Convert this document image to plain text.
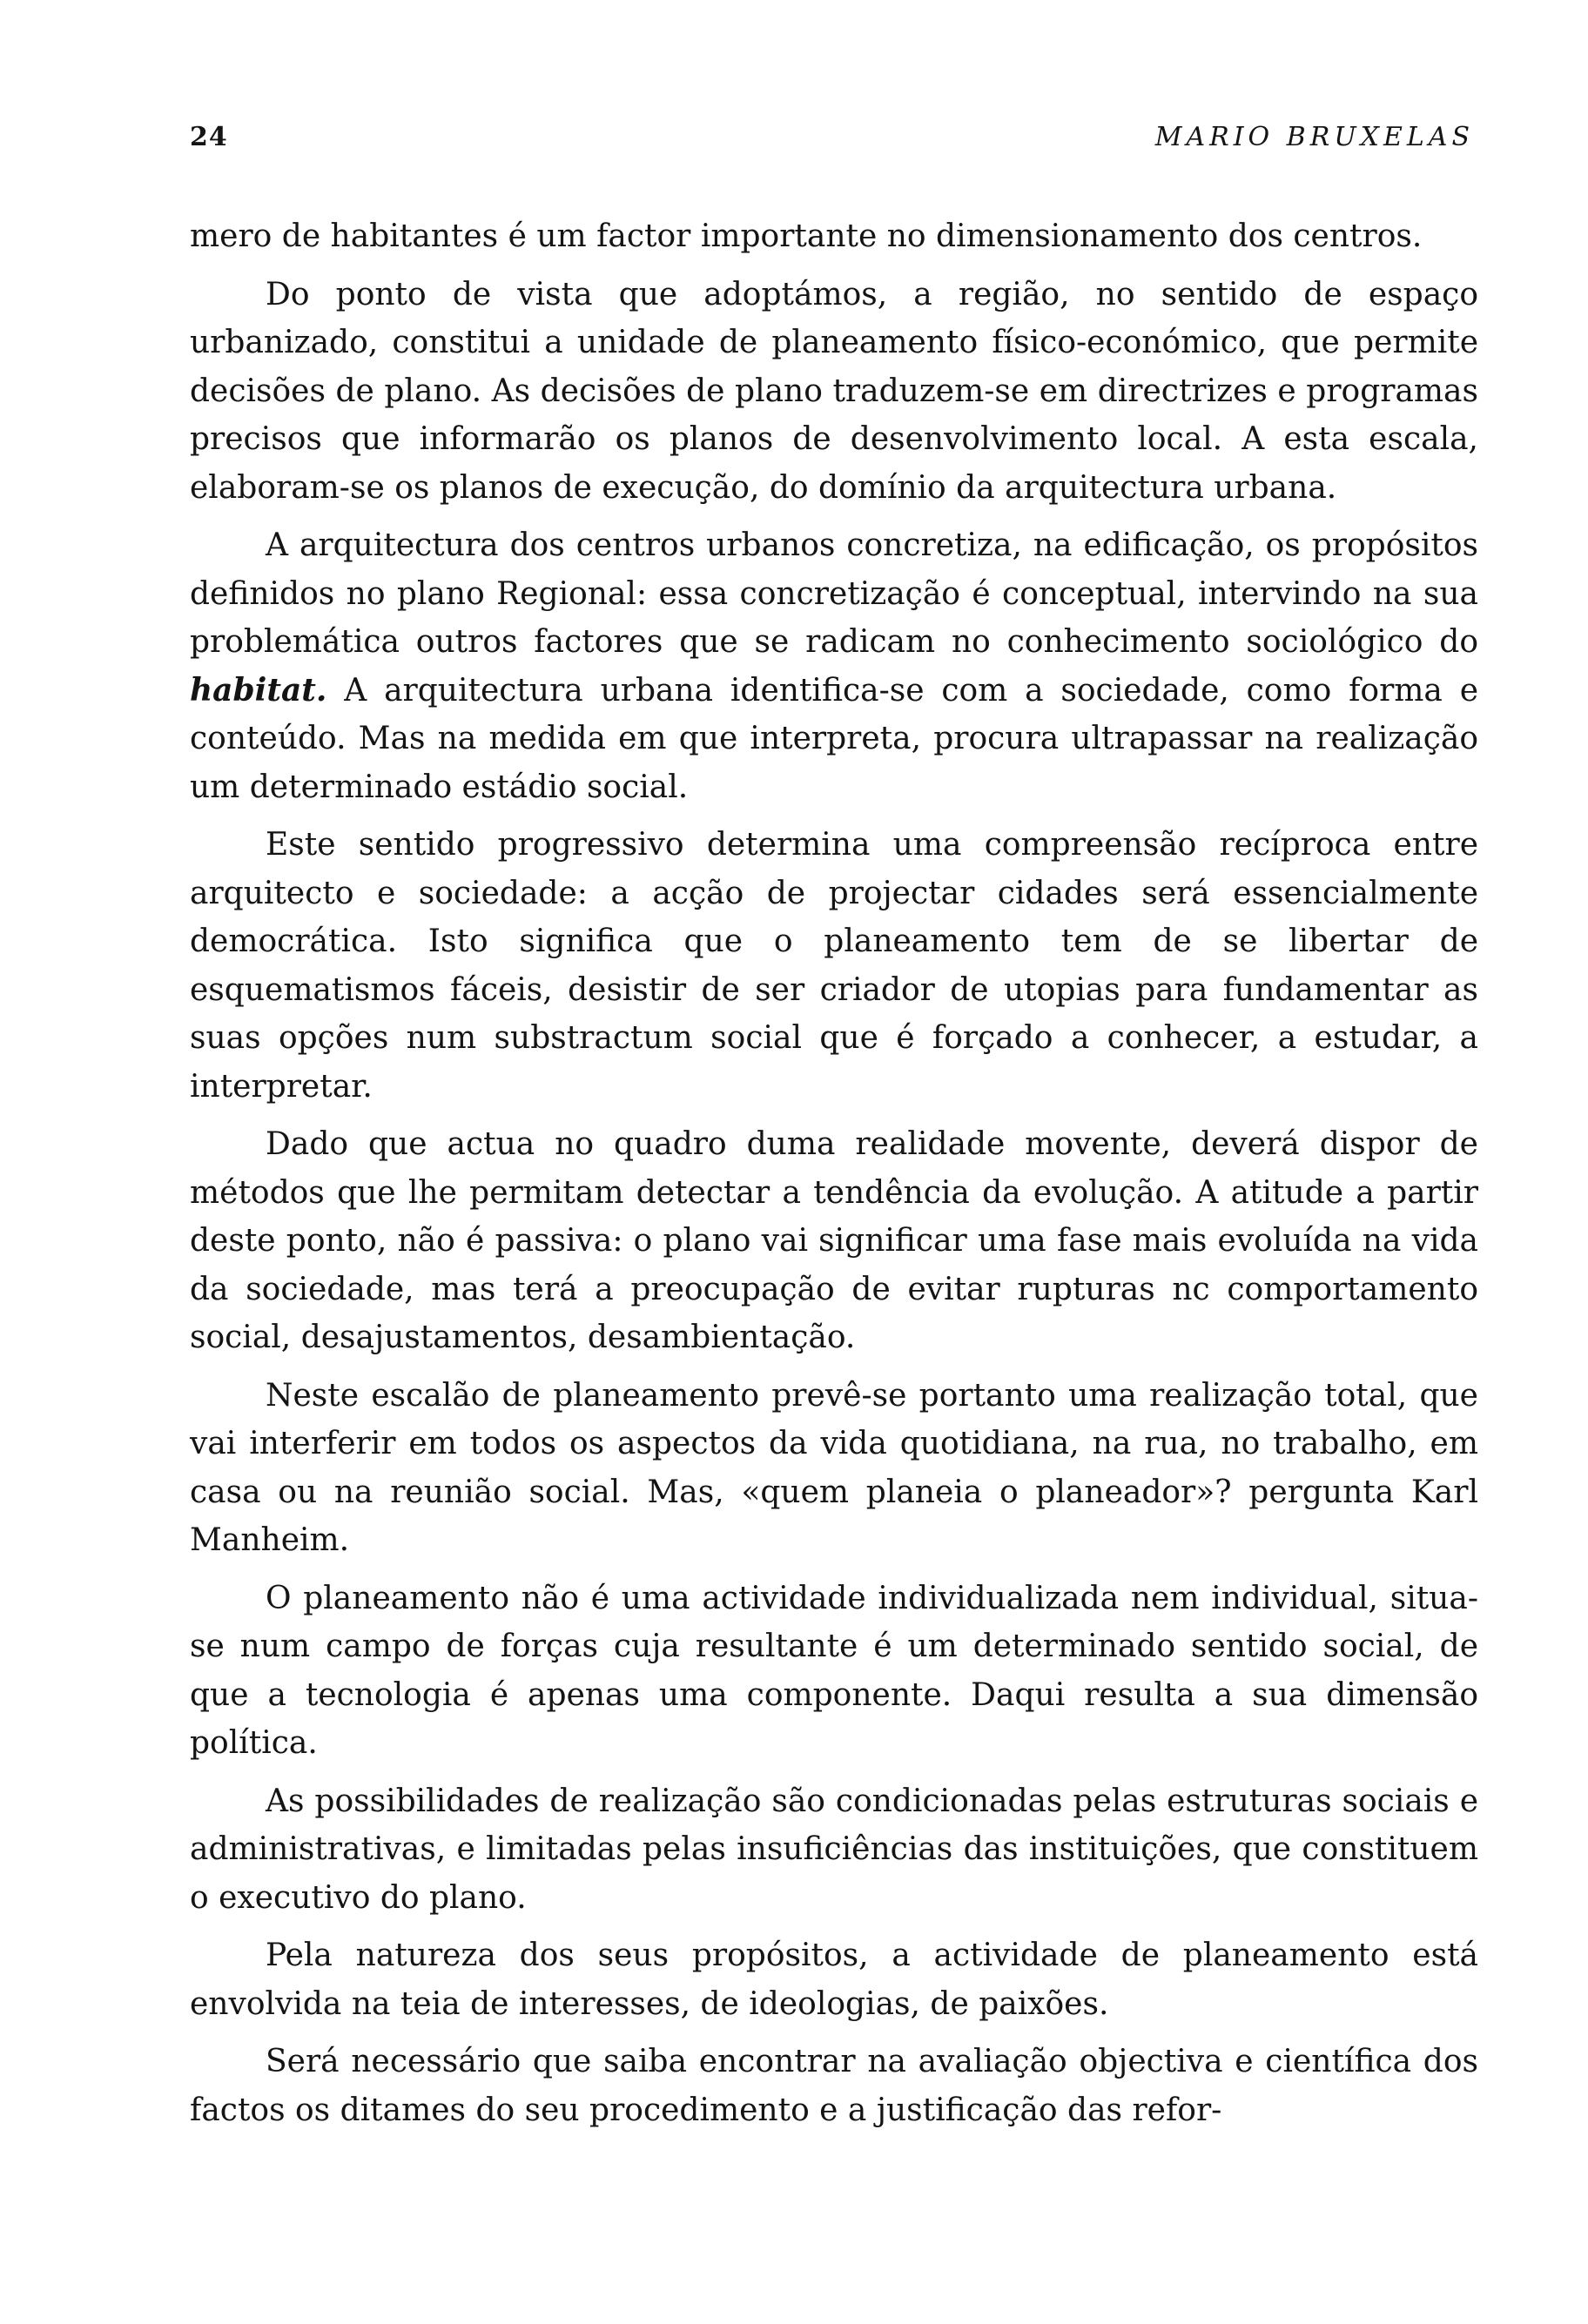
24	MARIO BRUXELAS

mero de habitantes é um factor importante no dimensionamento dos centros.

Do ponto de vista que adoptámos, a região, no sentido de espaço urbanizado, constitui a unidade de planeamento físico-económico, que permite decisões de plano. As decisões de plano traduzem-se em directrizes e programas precisos que informarão os planos de desenvolvimento local. A esta escala, elaboram-se os planos de execução, do domínio da arquitectura urbana.

A arquitectura dos centros urbanos concretiza, na edificação, os propósitos definidos no plano Regional: essa concretização é conceptual, intervindo na sua problemática outros factores que se radicam no conhecimento sociológico do habitat. A arquitectura urbana identifica-se com a sociedade, como forma e conteúdo. Mas na medida em que interpreta, procura ultrapassar na realização um determinado estádio social.

Este sentido progressivo determina uma compreensão recíproca entre arquitecto e sociedade: a acção de projectar cidades será essencialmente democrática. Isto significa que o planeamento tem de se libertar de esquematismos fáceis, desistir de ser criador de utopias para fundamentar as suas opções num substractum social que é forçado a conhecer, a estudar, a interpretar.

Dado que actua no quadro duma realidade movente, deverá dispor de métodos que lhe permitam detectar a tendência da evolução. A atitude a partir deste ponto, não é passiva: o plano vai significar uma fase mais evoluída na vida da sociedade, mas terá a preocupação de evitar rupturas nc comportamento social, desajustamentos, desambientação.

Neste escalão de planeamento prevê-se portanto uma realização total, que vai interferir em todos os aspectos da vida quotidiana, na rua, no trabalho, em casa ou na reunião social. Mas, «quem planeia o planeador»? pergunta Karl Manheim.

O planeamento não é uma actividade individualizada nem individual, situa-se num campo de forças cuja resultante é um determinado sentido social, de que a tecnologia é apenas uma componente. Daqui resulta a sua dimensão política.

As possibilidades de realização são condicionadas pelas estruturas sociais e administrativas, e limitadas pelas insuficiências das instituições, que constituem o executivo do plano.

Pela natureza dos seus propósitos, a actividade de planeamento está envolvida na teia de interesses, de ideologias, de paixões.

Será necessário que saiba encontrar na avaliação objectiva e científica dos factos os ditames do seu procedimento e a justificação das refor-
